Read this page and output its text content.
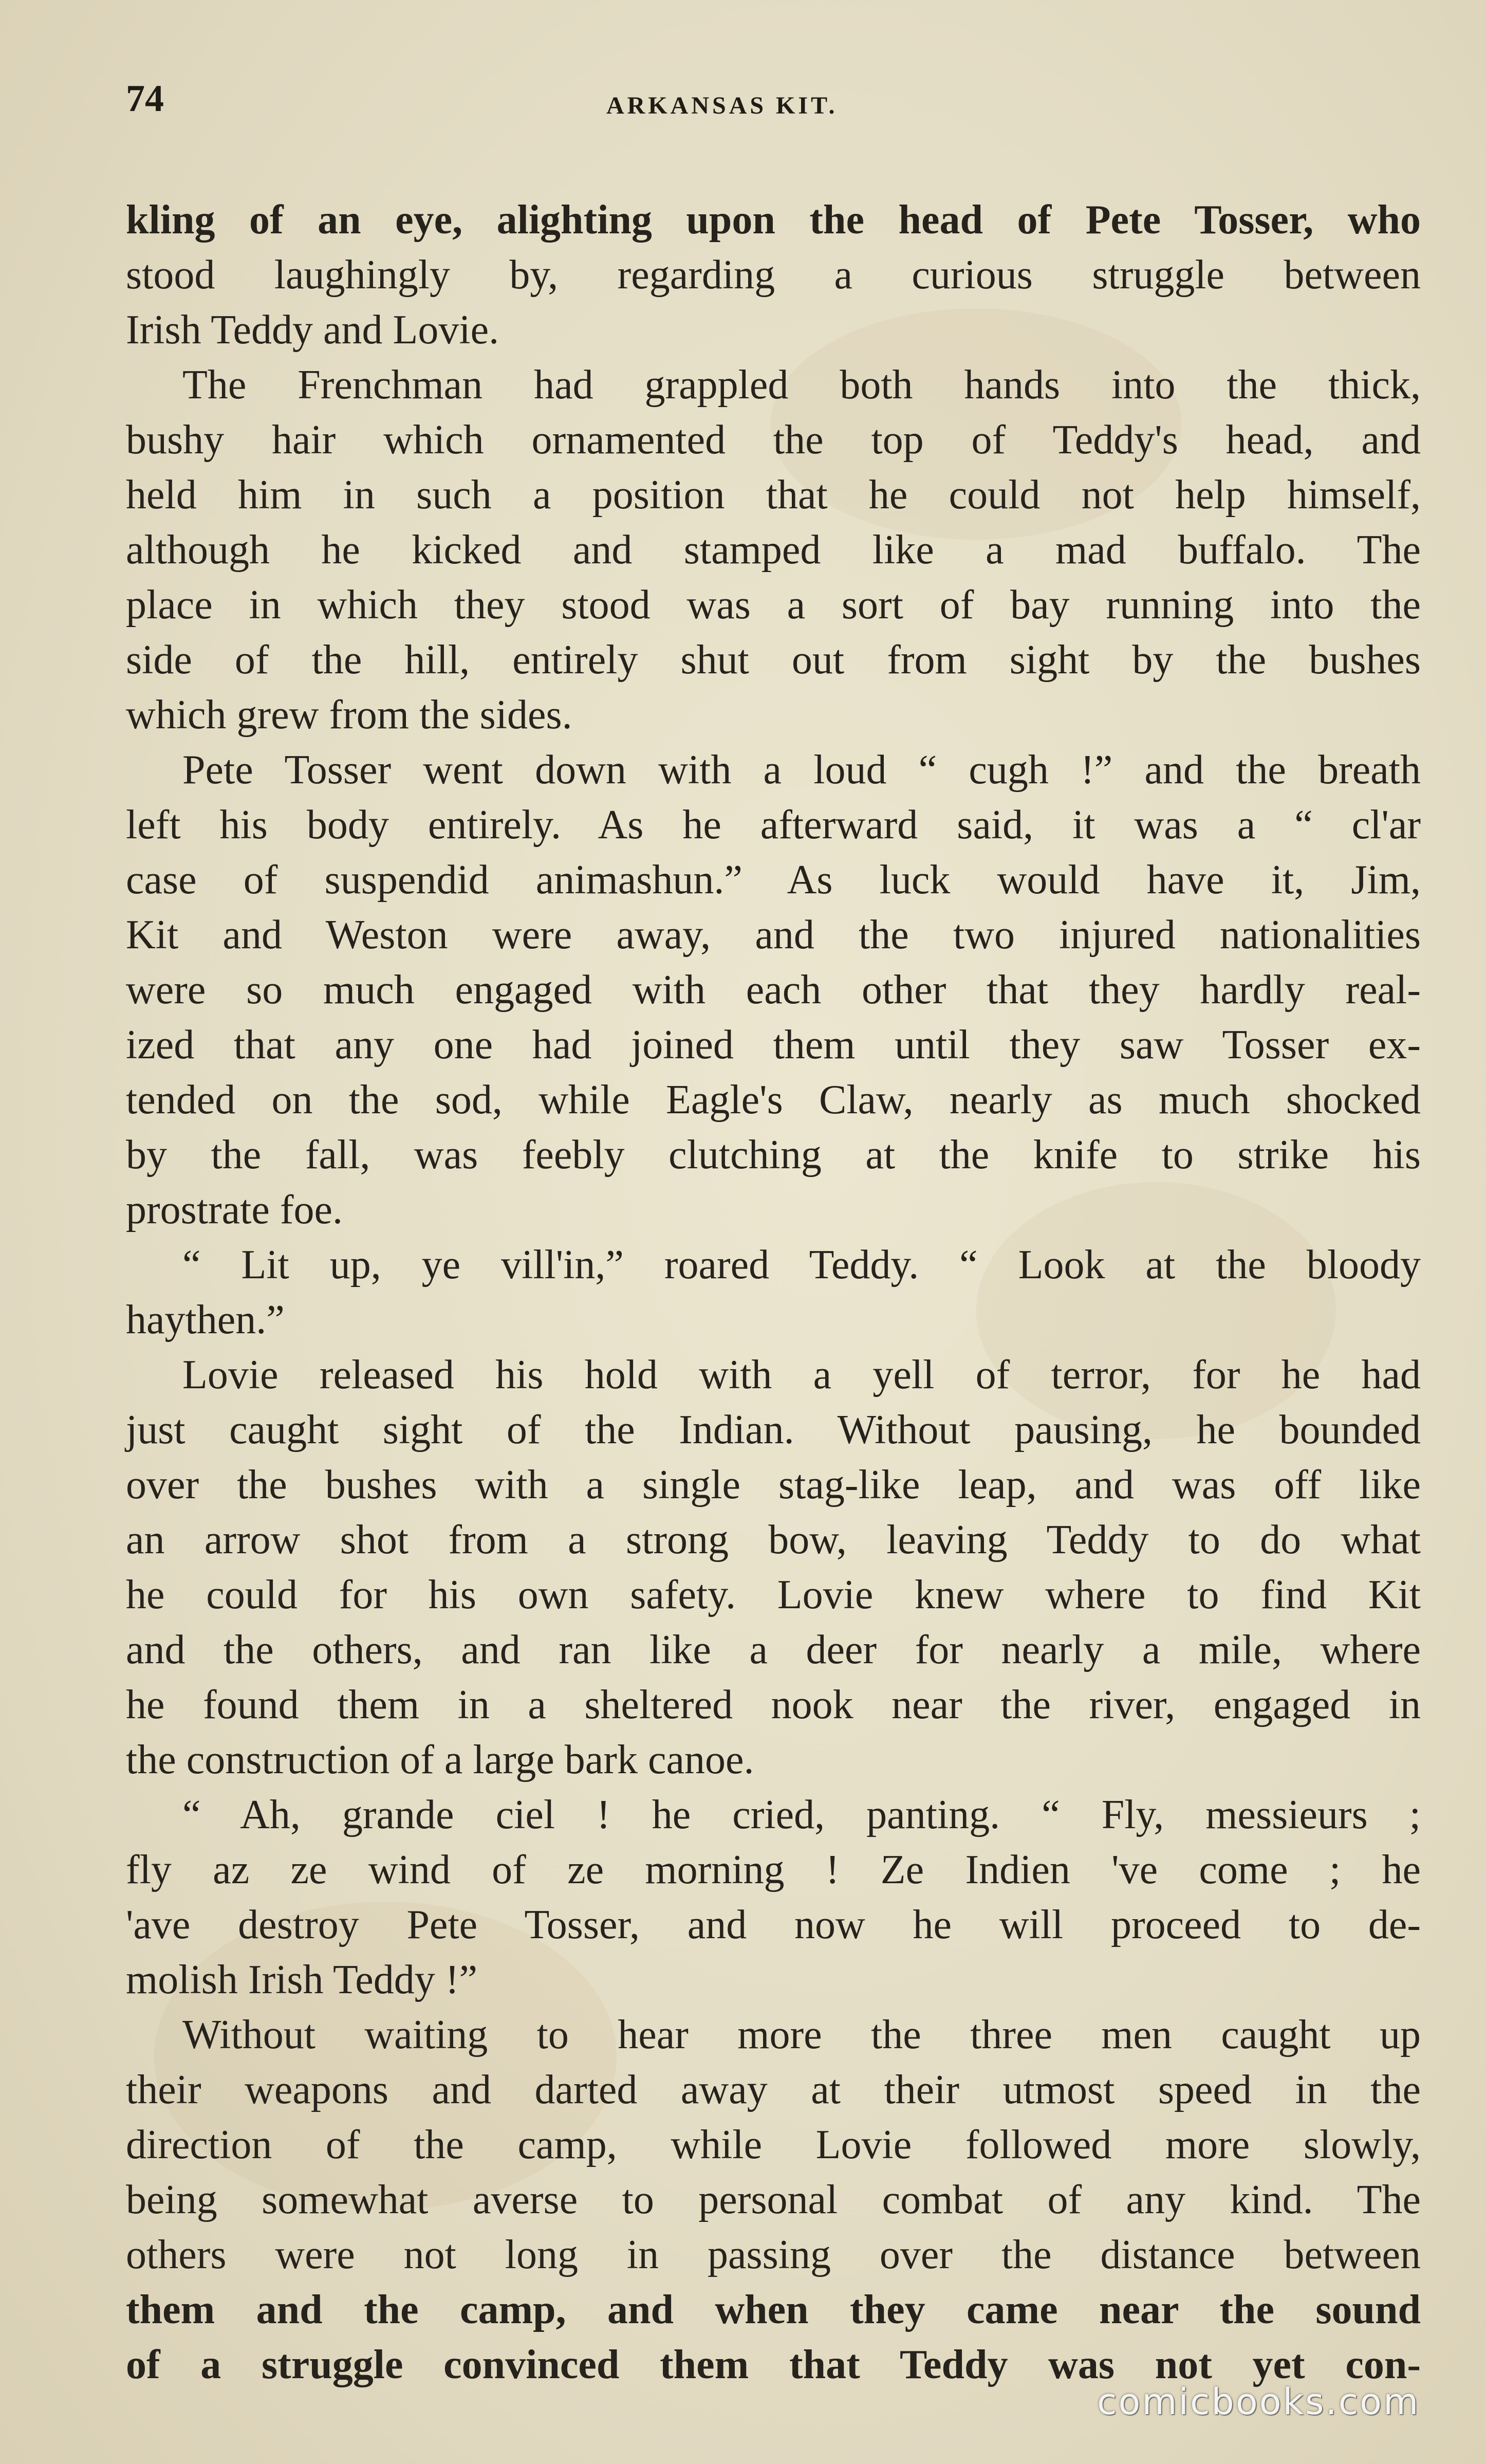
74	ARKANSAS KIT.

kling of an eye, alighting upon the head of Pete Tosser, who
stood laughingly by, regarding a curious struggle between
Irish Teddy and Lovie.
The Frenchman had grappled both hands into the thick,
bushy hair which ornamented the top of Teddy's head, and
held him in such a position that he could not help himself,
although he kicked and stamped like a mad buffalo. The
place in which they stood was a sort of bay running into the
side of the hill, entirely shut out from sight by the bushes
which grew from the sides.
Pete Tosser went down with a loud “ cugh !” and the breath
left his body entirely. As he afterward said, it was a “ cl'ar
case of suspendid animashun.” As luck would have it, Jim,
Kit and Weston were away, and the two injured nationalities
were so much engaged with each other that they hardly real-
ized that any one had joined them until they saw Tosser ex-
tended on the sod, while Eagle's Claw, nearly as much shocked
by the fall, was feebly clutching at the knife to strike his
prostrate foe.
“ Lit up, ye vill'in,” roared Teddy. “ Look at the bloody
haythen.”
Lovie released his hold with a yell of terror, for he had
just caught sight of the Indian. Without pausing, he bounded
over the bushes with a single stag-like leap, and was off like
an arrow shot from a strong bow, leaving Teddy to do what
he could for his own safety. Lovie knew where to find Kit
and the others, and ran like a deer for nearly a mile, where
he found them in a sheltered nook near the river, engaged in
the construction of a large bark canoe.
“ Ah, grande ciel ! he cried, panting. “ Fly, messieurs ;
fly az ze wind of ze morning ! Ze Indien 've come ; he
'ave destroy Pete Tosser, and now he will proceed to de-
molish Irish Teddy !”
Without waiting to hear more the three men caught up
their weapons and darted away at their utmost speed in the
direction of the camp, while Lovie followed more slowly,
being somewhat averse to personal combat of any kind. The
others were not long in passing over the distance between
them and the camp, and when they came near the sound
of a struggle convinced them that Teddy was not yet con-

comicbooks.com
